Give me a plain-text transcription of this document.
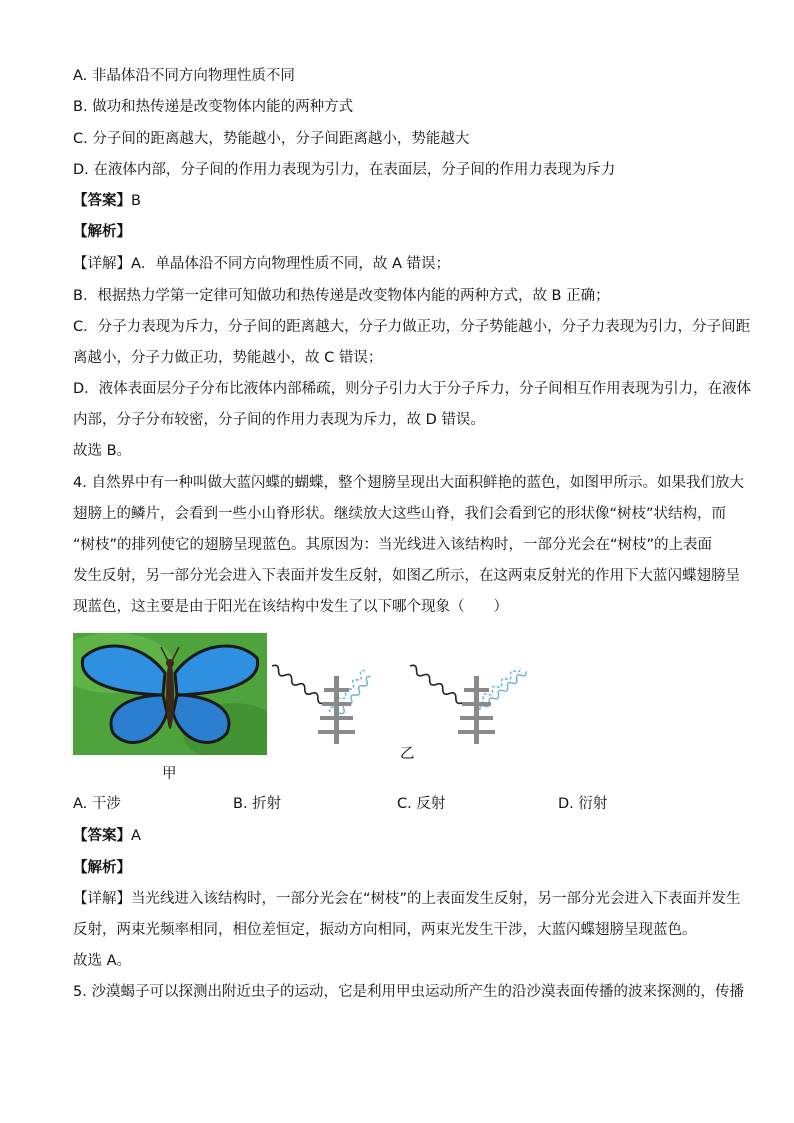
A. 非晶体沿不同方向物理性质不同
B. 做功和热传递是改变物体内能的两种方式
C. 分子间的距离越大，势能越小，分子间距离越小，势能越大
D. 在液体内部，分子间的作用力表现为引力，在表面层，分子间的作用力表现为斥力
【答案】B
【解析】
【详解】A．单晶体沿不同方向物理性质不同，故 A 错误；
B．根据热力学第一定律可知做功和热传递是改变物体内能的两种方式，故 B 正确；
C．分子力表现为斥力，分子间的距离越大，分子力做正功，分子势能越小，分子力表现为引力，分子间距
离越小，分子力做正功，势能越小，故 C 错误；
D．液体表面层分子分布比液体内部稀疏，则分子引力大于分子斥力，分子间相互作用表现为引力，在液体
内部，分子分布较密，分子间的作用力表现为斥力，故 D 错误。
故选 B。
4. 自然界中有一种叫做大蓝闪蝶的蝴蝶，整个翅膀呈现出大面积鲜艳的蓝色，如图甲所示。如果我们放大
翅膀上的鳞片，会看到一些小山脊形状。继续放大这些山脊，我们会看到它的形状像“树枝”状结构，而
“树枝”的排列使它的翅膀呈现蓝色。其原因为：当光线进入该结构时，一部分光会在“树枝”的上表面
发生反射，另一部分光会进入下表面并发生反射，如图乙所示，在这两束反射光的作用下大蓝闪蝶翅膀呈
现蓝色，这主要是由于阳光在该结构中发生了以下哪个现象（　　）
甲
乙
A. 干涉	B. 折射	C. 反射	D. 衍射
【答案】A
【解析】
【详解】当光线进入该结构时，一部分光会在“树枝”的上表面发生反射，另一部分光会进入下表面并发生
反射，两束光频率相同，相位差恒定，振动方向相同，两束光发生干涉，大蓝闪蝶翅膀呈现蓝色。
故选 A。
5. 沙漠蝎子可以探测出附近虫子的运动，它是利用甲虫运动所产生的沿沙漠表面传播的波来探测的，传播
